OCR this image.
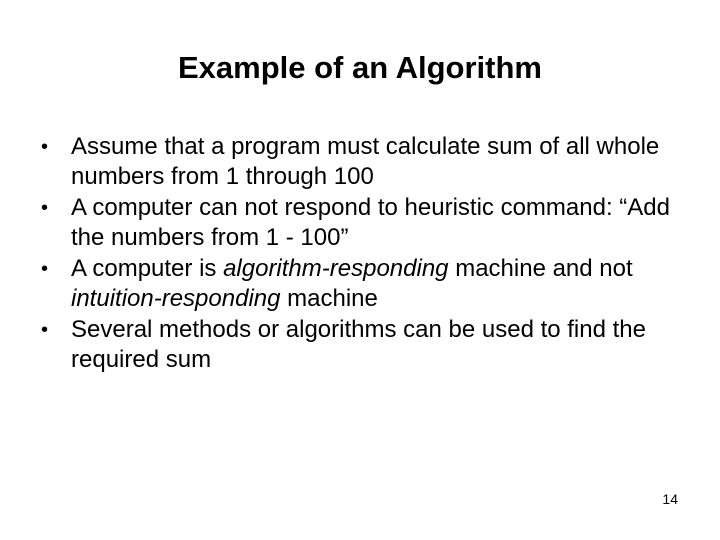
Example of an Algorithm
• Assume that a program must calculate sum of all whole numbers from 1 through 100
• A computer can not respond to heuristic command: “Add the numbers from 1 - 100”
• A computer is algorithm-responding machine and not intuition-responding machine
• Several methods or algorithms can be used to find the required sum
14
